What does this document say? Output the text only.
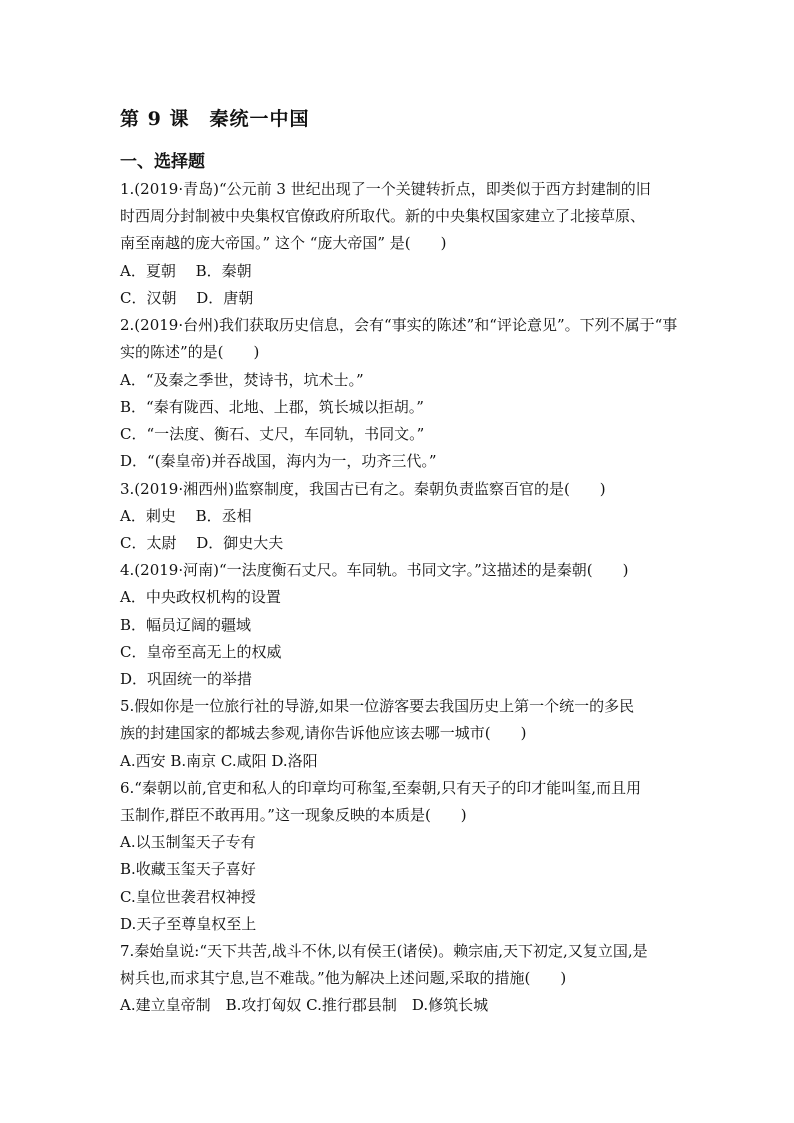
第 9 课　秦统一中国
一、选择题
1.(2019·青岛)“公元前 3 世纪出现了一个关键转折点，即类似于西方封建制的旧
时西周分封制被中央集权官僚政府所取代。新的中央集权国家建立了北接草原、
南至南越的庞大帝国。” 这个 “庞大帝国” 是(　　)
A．夏朝　 B．秦朝
C．汉朝　 D．唐朝
2.(2019·台州)我们获取历史信息，会有“事实的陈述”和“评论意见”。下列不属于“事
实的陈述”的是(　　)
A．“及秦之季世，焚诗书，坑术士。”
B．“秦有陇西、北地、上郡，筑长城以拒胡。”
C．“一法度、衡石、丈尺，车同轨，书同文。”
D．“(秦皇帝)并吞战国，海内为一，功齐三代。”
3.(2019·湘西州)监察制度，我国古已有之。秦朝负责监察百官的是(　　)
A．刺史　 B．丞相
C．太尉　 D．御史大夫
4.(2019·河南)“一法度衡石丈尺。车同轨。书同文字。”这描述的是秦朝(　　)
A．中央政权机构的设置
B．幅员辽阔的疆域
C．皇帝至高无上的权威
D．巩固统一的举措
5.假如你是一位旅行社的导游,如果一位游客要去我国历史上第一个统一的多民
族的封建国家的都城去参观,请你告诉他应该去哪一城市(　　)
A.西安 B.南京 C.咸阳 D.洛阳
6.“秦朝以前,官吏和私人的印章均可称玺,至秦朝,只有天子的印才能叫玺,而且用
玉制作,群臣不敢再用。”这一现象反映的本质是(　　)
A.以玉制玺天子专有
B.收藏玉玺天子喜好
C.皇位世袭君权神授
D.天子至尊皇权至上
7.秦始皇说:“天下共苦,战斗不休,以有侯王(诸侯)。赖宗庙,天下初定,又复立国,是
树兵也,而求其宁息,岂不难哉。”他为解决上述问题,采取的措施(　　)
A.建立皇帝制　B.攻打匈奴 C.推行郡县制　D.修筑长城
